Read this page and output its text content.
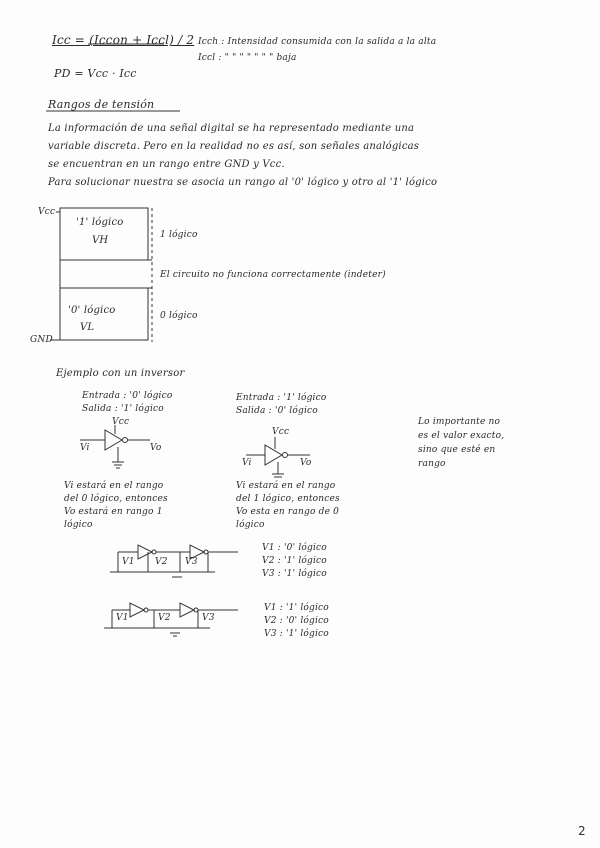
Icc = (Iccon + Iccl) / 2
PD = Vcc · Icc
Icch : Intensidad consumida con la salida a la alta
Iccl : " " " " " " " baja
Rangos de tensión
La información de una señal digital se ha representado mediante una
variable discreta. Pero en la realidad no es así, son señales analógicas
se encuentran en un rango entre GND y Vcc.
Para solucionar nuestra se asocia un rango al '0' lógico y otro al '1' lógico
Vcc
GND
'1' lógico
VH
'0' lógico
VL
1 lógico
El circuito no funciona correctamente (indeter)
0 lógico
Ejemplo con un inversor
Entrada : '0' lógico
Salida : '1' lógico
Vcc
Vi	Vo
Vi estará en el rango
del 0 lógico, entonces
Vo estará en rango 1
lógico
Entrada : '1' lógico
Salida : '0' lógico
Vcc
Vi	Vo
Vi estará en el rango
del 1 lógico, entonces
Vo esta en rango de 0
lógico
Lo importante no
es el valor exacto,
sino que esté en
rango
V1 V2 V3
V1 : '0' lógico
V2 : '1' lógico
V3 : '1' lógico
V1	V2	V3
V1 : '1' lógico
V2 : '0' lógico
V3 : '1' lógico
2
